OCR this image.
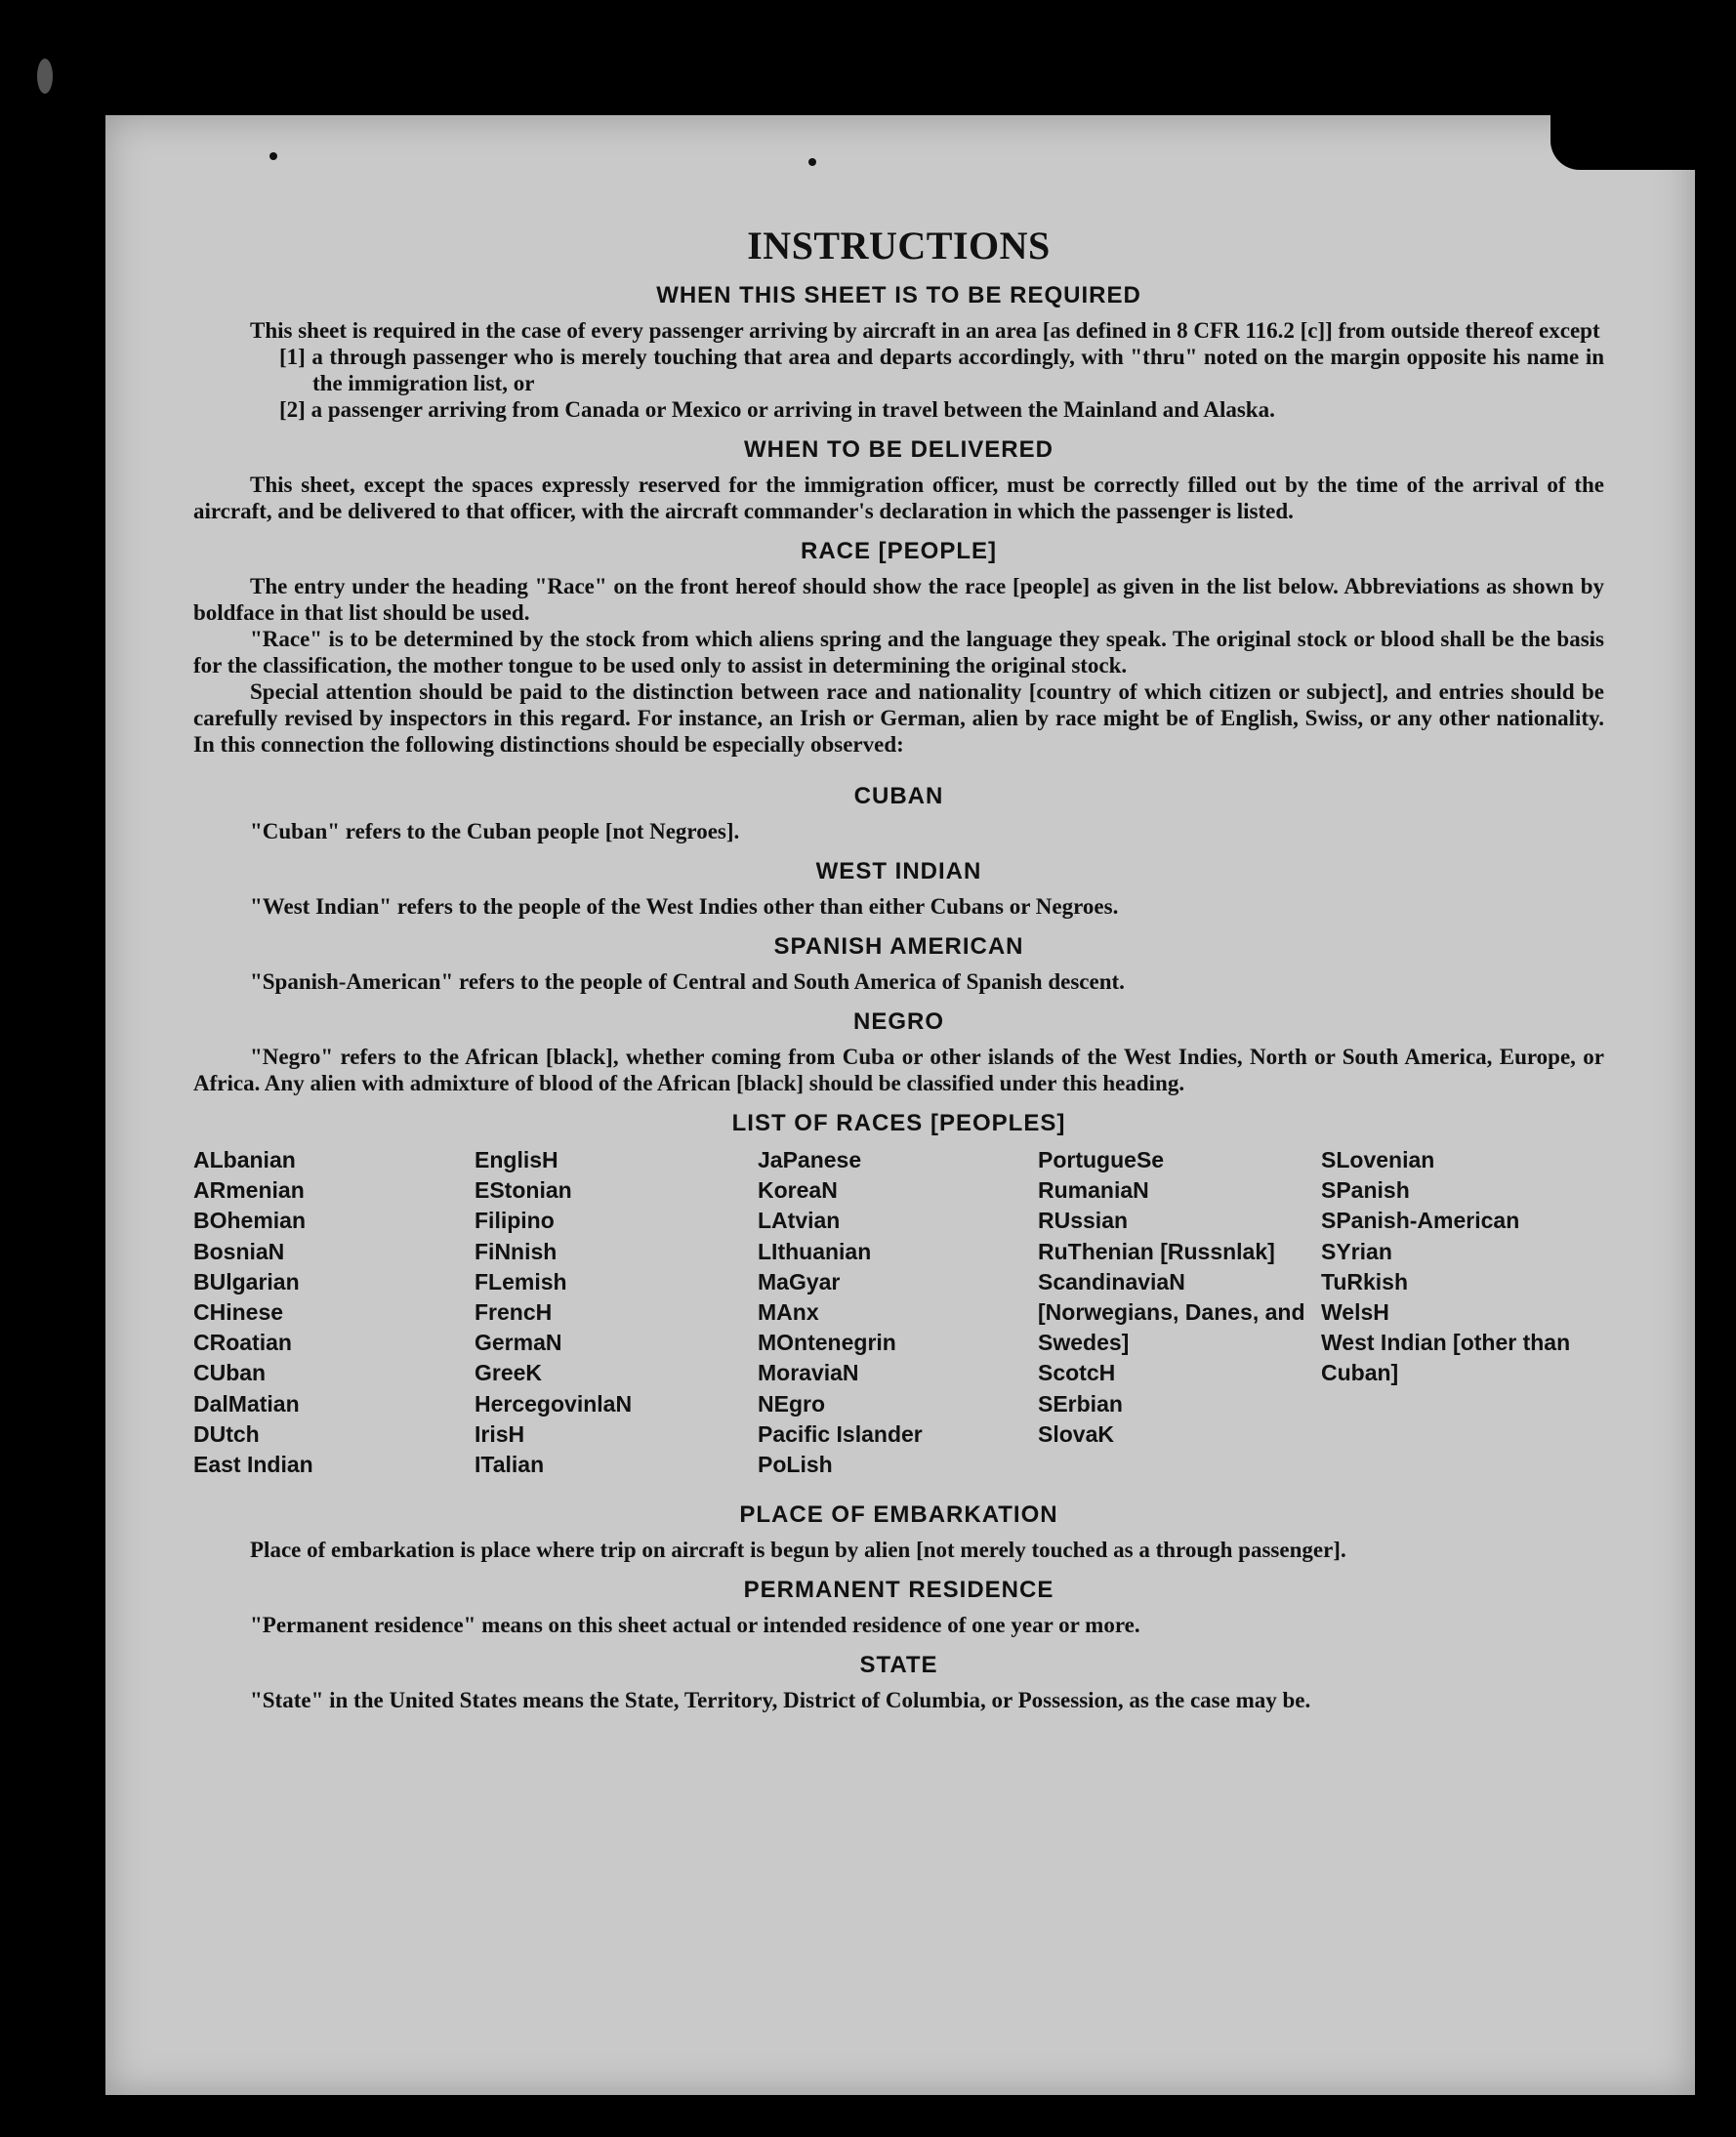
INSTRUCTIONS
WHEN THIS SHEET IS TO BE REQUIRED

This sheet is required in the case of every passenger arriving by aircraft in an area [as defined in 8 CFR 116.2 [c]] from outside thereof except

[1] a through passenger who is merely touching that area and departs accordingly, with "thru" noted on the margin opposite his name in the immigration list, or

[2] a passenger arriving from Canada or Mexico or arriving in travel between the Mainland and Alaska.

WHEN TO BE DELIVERED

This sheet, except the spaces expressly reserved for the immigration officer, must be correctly filled out by the time of the arrival of the aircraft, and be delivered to that officer, with the aircraft commander's declaration in which the passenger is listed.

RACE [PEOPLE]

The entry under the heading "Race" on the front hereof should show the race [people] as given in the list below. Abbreviations as shown by boldface in that list should be used.

"Race" is to be determined by the stock from which aliens spring and the language they speak. The original stock or blood shall be the basis for the classification, the mother tongue to be used only to assist in determining the original stock.

Special attention should be paid to the distinction between race and nationality [country of which citizen or subject], and entries should be carefully revised by inspectors in this regard. For instance, an Irish or German, alien by race might be of English, Swiss, or any other nationality. In this connection the following distinctions should be especially observed:

CUBAN

"Cuban" refers to the Cuban people [not Negroes].

WEST INDIAN

"West Indian" refers to the people of the West Indies other than either Cubans or Negroes.

SPANISH AMERICAN

"Spanish-American" refers to the people of Central and South America of Spanish descent.

NEGRO

"Negro" refers to the African [black], whether coming from Cuba or other islands of the West Indies, North or South America, Europe, or Africa. Any alien with admixture of blood of the African [black] should be classified under this heading.

LIST OF RACES [PEOPLES]
ALbanian
ARmenian
BOhemian
BosniaN
BUlgarian
CHinese
CRoatian
CUban
DalMatian
DUtch
East Indian
EnglisH
EStonian
Filipino
FiNnish
FLemish
FrencH
GermaN
GreeK
HercegovinlaN
IrisH
ITalian
JaPanese
KoreaN
LAtvian
LIthuanian
MaGyar
MAnx
MOntenegrin
MoraviaN
NEgro
Pacific Islander
PoLish
PortugueSe
RumaniaN
RUssian
RuThenian [Russnlak]
ScandinaviaN [Norwegians, Danes, and Swedes]
ScotcH
SErbian
SlovaK
SLovenian
SPanish
SPanish-American
SYrian
TuRkish
WelsH
West Indian [other than Cuban]
PLACE OF EMBARKATION

Place of embarkation is place where trip on aircraft is begun by alien [not merely touched as a through passenger].

PERMANENT RESIDENCE

"Permanent residence" means on this sheet actual or intended residence of one year or more.

STATE

"State" in the United States means the State, Territory, District of Columbia, or Possession, as the case may be.
